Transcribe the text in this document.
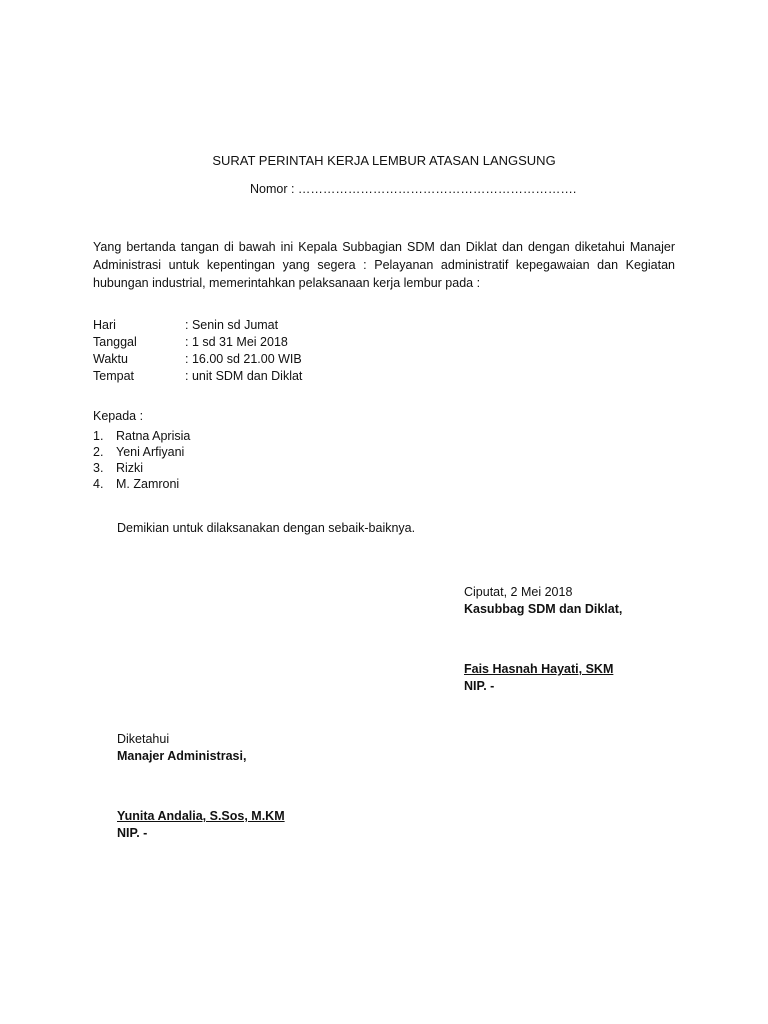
SURAT PERINTAH KERJA LEMBUR ATASAN LANGSUNG
Nomor : ………………………………………………………….
Yang bertanda tangan di bawah ini Kepala Subbagian SDM dan Diklat dan dengan diketahui Manajer Administrasi untuk kepentingan yang segera : Pelayanan administratif kepegawaian dan Kegiatan hubungan industrial, memerintahkan pelaksanaan kerja lembur pada :
Hari	: Senin sd Jumat
Tanggal	: 1 sd 31 Mei 2018
Waktu	: 16.00 sd 21.00 WIB
Tempat	: unit SDM dan Diklat
Kepada :
1.	Ratna Aprisia
2.	Yeni Arfiyani
3.	Rizki
4.	M. Zamroni
Demikian untuk dilaksanakan dengan sebaik-baiknya.
Ciputat, 2 Mei 2018
Kasubbag SDM dan Diklat,
Fais Hasnah Hayati, SKM
NIP. -
Diketahui
Manajer Administrasi,
Yunita Andalia, S.Sos, M.KM
NIP. -
